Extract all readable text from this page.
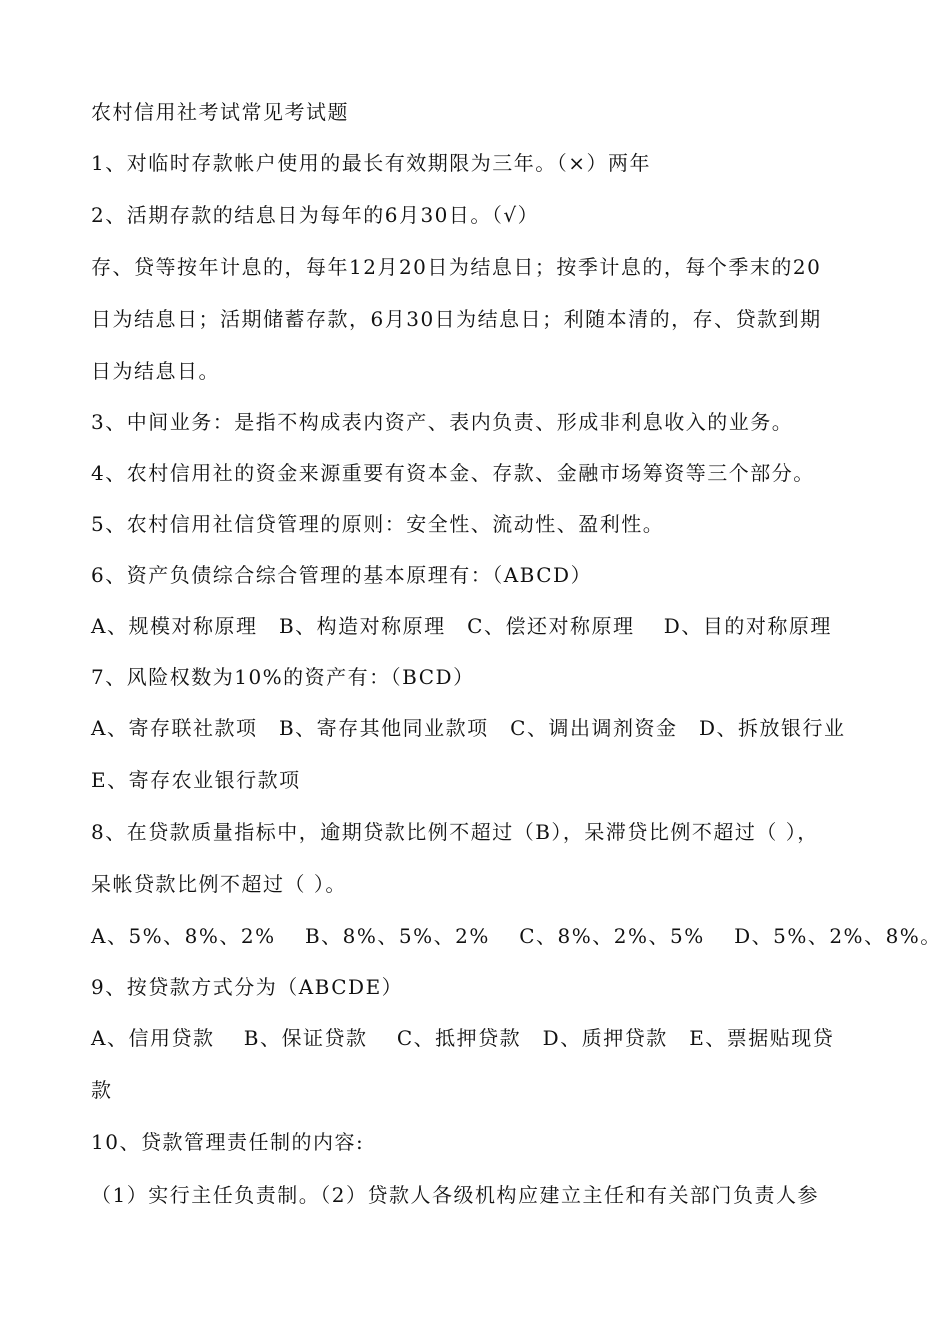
农村信用社考试常见考试题
1、对临时存款帐户使用的最长有效期限为三年。（×）两年
2、活期存款的结息日为每年的6月30日。（√）
存、贷等按年计息的，每年12月20日为结息日；按季计息的，每个季末的20
日为结息日；活期储蓄存款，6月30日为结息日；利随本清的，存、贷款到期
日为结息日。
3、中间业务：是指不构成表内资产、表内负责、形成非利息收入的业务。
4、农村信用社的资金来源重要有资本金、存款、金融市场筹资等三个部分。
5、农村信用社信贷管理的原则：安全性、流动性、盈利性。
6、资产负债综合综合管理的基本原理有：（ABCD）
A、规模对称原理　B、构造对称原理　C、偿还对称原理　 D、目的对称原理
7、风险权数为10%的资产有：（BCD）
A、寄存联社款项　B、寄存其他同业款项　C、调出调剂资金　D、拆放银行业
E、寄存农业银行款项
8、在贷款质量指标中，逾期贷款比例不超过（B），呆滞贷比例不超过（ ），
呆帐贷款比例不超过（ ）。
A、5%、8%、2%　 B、8%、5%、2%　 C、8%、2%、5%　 D、5%、2%、8%。
9、按贷款方式分为（ABCDE）
A、信用贷款　 B、保证贷款　 C、抵押贷款　D、质押贷款　E、票据贴现贷
款
10、贷款管理责任制的内容:
（1）实行主任负责制。（2）贷款人各级机构应建立主任和有关部门负责人参
